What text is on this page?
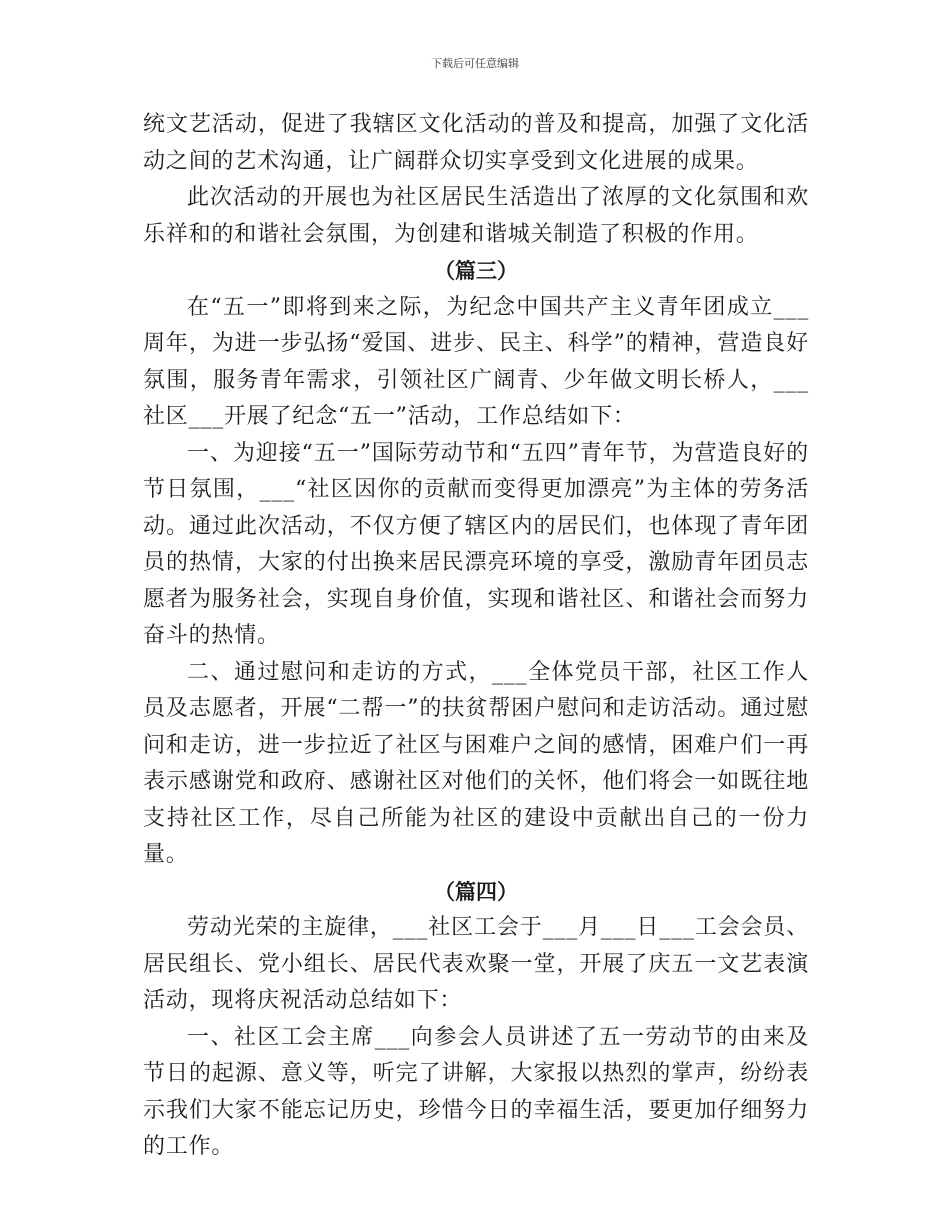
下载后可任意编辑

统文艺活动，促进了我辖区文化活动的普及和提高，加强了文化活动之间的艺术沟通，让广阔群众切实享受到文化进展的成果。

此次活动的开展也为社区居民生活造出了浓厚的文化氛围和欢乐祥和的和谐社会氛围，为创建和谐城关制造了积极的作用。

（篇三）

在“五一”即将到来之际，为纪念中国共产主义青年团成立___周年，为进一步弘扬“爱国、进步、民主、科学”的精神，营造良好氛围，服务青年需求，引领社区广阔青、少年做文明长桥人，___社区___开展了纪念“五一”活动，工作总结如下：

一、为迎接“五一”国际劳动节和“五四”青年节，为营造良好的节日氛围，___“社区因你的贡献而变得更加漂亮”为主体的劳务活动。通过此次活动，不仅方便了辖区内的居民们，也体现了青年团员的热情，大家的付出换来居民漂亮环境的享受，激励青年团员志愿者为服务社会，实现自身价值，实现和谐社区、和谐社会而努力奋斗的热情。

二、通过慰问和走访的方式，___全体党员干部，社区工作人员及志愿者，开展“二帮一”的扶贫帮困户慰问和走访活动。通过慰问和走访，进一步拉近了社区与困难户之间的感情，困难户们一再表示感谢党和政府、感谢社区对他们的关怀，他们将会一如既往地支持社区工作，尽自己所能为社区的建设中贡献出自己的一份力量。

（篇四）

劳动光荣的主旋律，___社区工会于___月___日___工会会员、居民组长、党小组长、居民代表欢聚一堂，开展了庆五一文艺表演活动，现将庆祝活动总结如下：

一、社区工会主席___向参会人员讲述了五一劳动节的由来及节日的起源、意义等，听完了讲解，大家报以热烈的掌声，纷纷表示我们大家不能忘记历史，珍惜今日的幸福生活，要更加仔细努力的工作。
